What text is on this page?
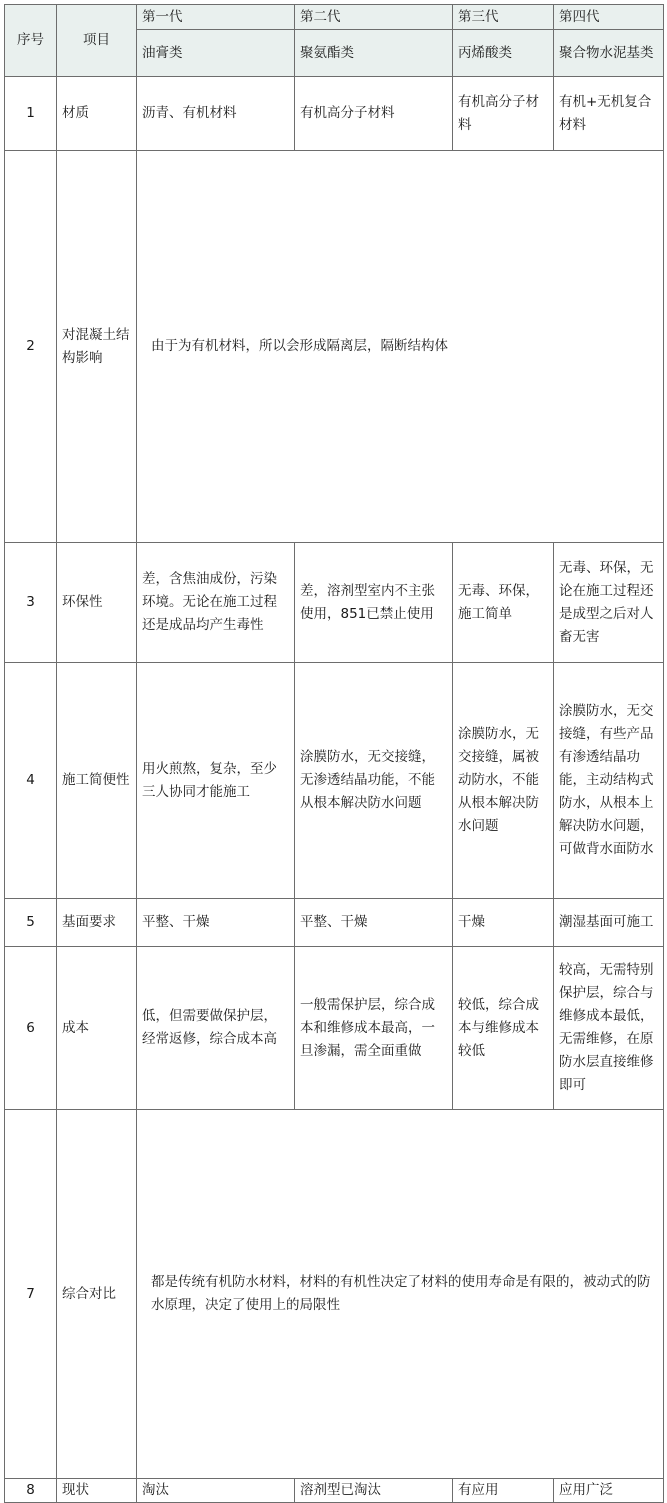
序号	项目	第一代	第二代	第三代	第四代	
		油膏类	聚氨酯类	丙烯酸类	聚合物水泥基类	
1	材质	沥青、有机材料	有机高分子材料	有机高分子材料	有机+无机复合材料	
2	对混凝土结构影响	由于为有机材料，所以会形成隔离层，隔断结构体	
3	环保性	差，含焦油成份，污染环境。无论在施工过程还是成品均产生毒性	差，溶剂型室内不主张使用，851已禁止使用	无毒、环保，施工简单	无毒、环保，无论在施工过程还是成型之后对人畜无害	
4	施工简便性	用火煎熬，复杂，至少三人协同才能施工	涂膜防水，无交接缝，无渗透结晶功能，不能从根本解决防水问题	涂膜防水，无交接缝，属被动防水，不能从根本解决防水问题	涂膜防水，无交接缝，有些产品有渗透结晶功能，主动结构式防水，从根本上解决防水问题，可做背水面防水	
5	基面要求	平整、干燥	平整、干燥	干燥	潮湿基面可施工	
6	成本	低，但需要做保护层，经常返修，综合成本高	一般需保护层，综合成本和维修成本最高，一旦渗漏，需全面重做	较低，综合成本与维修成本较低	较高，无需特别保护层，综合与维修成本最低，无需维修，在原防水层直接维修即可	
7	综合对比	都是传统有机防水材料，材料的有机性决定了材料的使用寿命是有限的，被动式的防水原理，决定了使用上的局限性	
8	现状	淘汰	溶剂型已淘汰	有应用	应用广泛	
